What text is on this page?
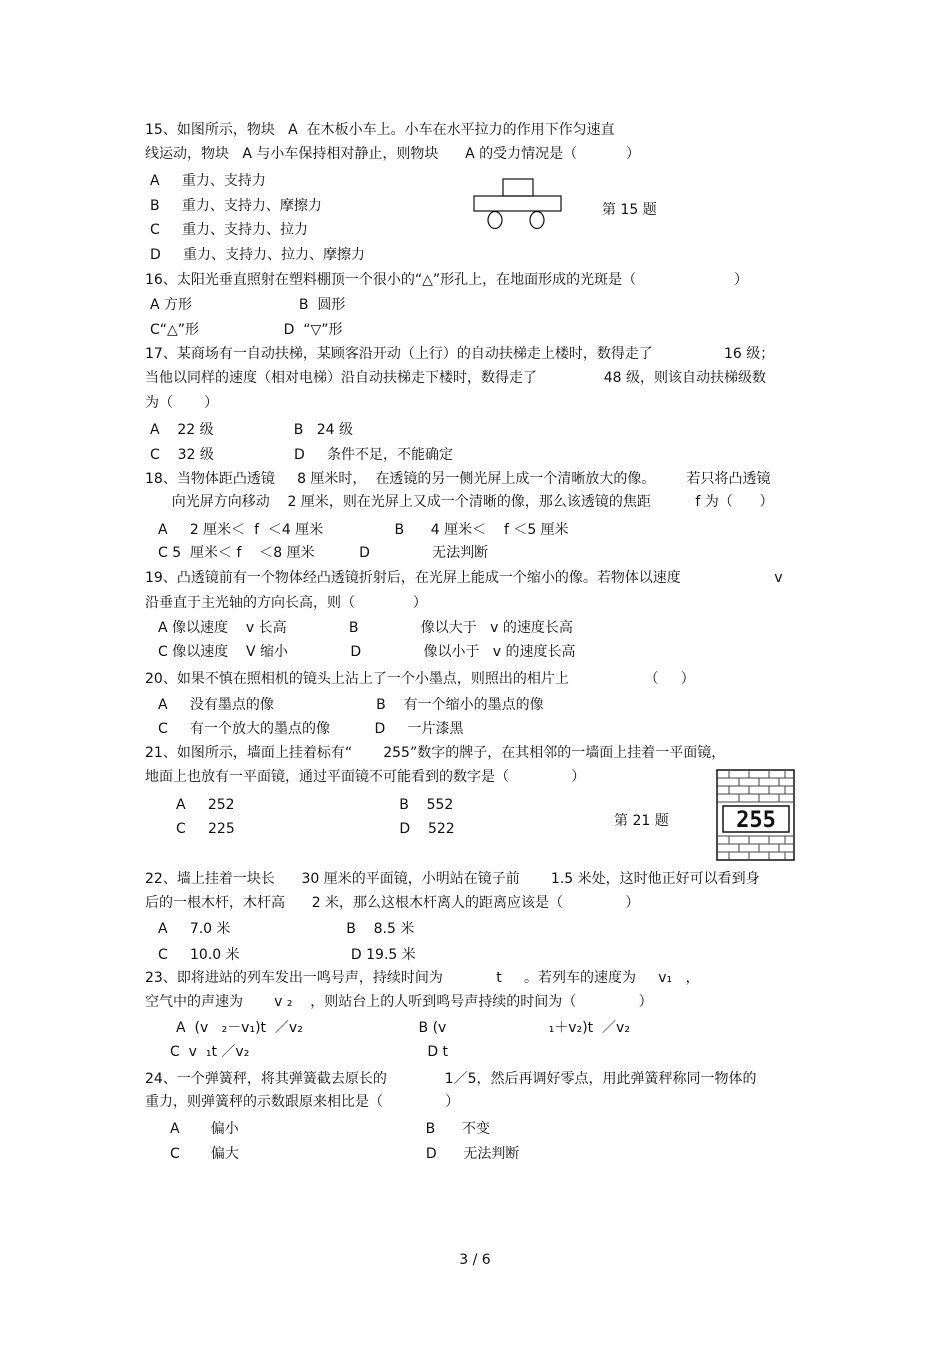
15、如图所示，物块   A  在木板小车上。小车在水平拉力的作用下作匀速直
线运动，物块   A 与小车保持相对静止，则物块      A 的受力情况是（           ）
A     重力、支持力
B     重力、支持力、摩擦力
C     重力、支持力、拉力
D     重力、支持力、拉力、摩擦力
第 15 题
16、太阳光垂直照射在塑料棚顶一个很小的“△”形孔上，在地面形成的光斑是（                      ）
A 方形                        B  圆形
C“△”形                   D  “▽”形
17、某商场有一自动扶梯，某顾客沿开动（上行）的自动扶梯走上楼时，数得走了                16 级；
当他以同样的速度（相对电梯）沿自动扶梯走下楼时，数得走了               48 级，则该自动扶梯级数
为（       ）
A    22 级                  B   24 级
C    32 级                  D     条件不足，不能确定
18、当物体距凸透镜     8 厘米时，  在透镜的另一侧光屏上成一个清晰放大的像。       若只将凸透镜
向光屏方向移动    2 厘米，则在光屏上又成一个清晰的像，那么该透镜的焦距          f 为（      ）
A     2 厘米＜  f  ＜4 厘米                B      4 厘米＜    f ＜5 厘米
C 5  厘米＜ f    ＜8 厘米          D              无法判断
19、凸透镜前有一个物体经凸透镜折射后，在光屏上能成一个缩小的像。若物体以速度                     v
沿垂直于主光轴的方向长高，则（             ）
A 像以速度    v 长高              B              像以大于   v 的速度长高
C 像以速度    V 缩小              D              像以小于   v 的速度长高
20、如果不慎在照相机的镜头上沾上了一个小墨点，则照出的相片上                 （     ）
A     没有墨点的像                       B    有一个缩小的墨点的像
C     有一个放大的墨点的像          D     一片漆黑
21、如图所示，墙面上挂着标有“       255”数字的牌子，在其相邻的一墙面上挂着一平面镜，
地面上也放有一平面镜，通过平面镜不可能看到的数字是（              ）
A     252                                     B    552
C     225                                     D    522	第 21 题	255
22、墙上挂着一块长      30 厘米的平面镜，小明站在镜子前       1.5 米处，这时他正好可以看到身
后的一根木杆，木杆高      2 米，那么这根木杆离人的距离应该是（              ）
A     7.0 米                          B    8.5 米
C     10.0 米                         D 19.5 米
23、即将进站的列车发出一鸣号声，持续时间为            t     。若列车的速度为     v₁   ，
空气中的声速为       v ₂    ，则站台上的人听到鸣号声持续的时间为（              ）
A  (v   ₂－v₁)t  ／v₂                          B (v                       ₁＋v₂)t  ／v₂
C  v  ₁t ／v₂                                        D t
24、一个弹簧秤，将其弹簧截去原长的             1／5，然后再调好零点，用此弹簧秤称同一物体的
重力，则弹簧秤的示数跟原来相比是（              ）
A       偏小                                          B      不变
C       偏大                                          D      无法判断
3 / 6
